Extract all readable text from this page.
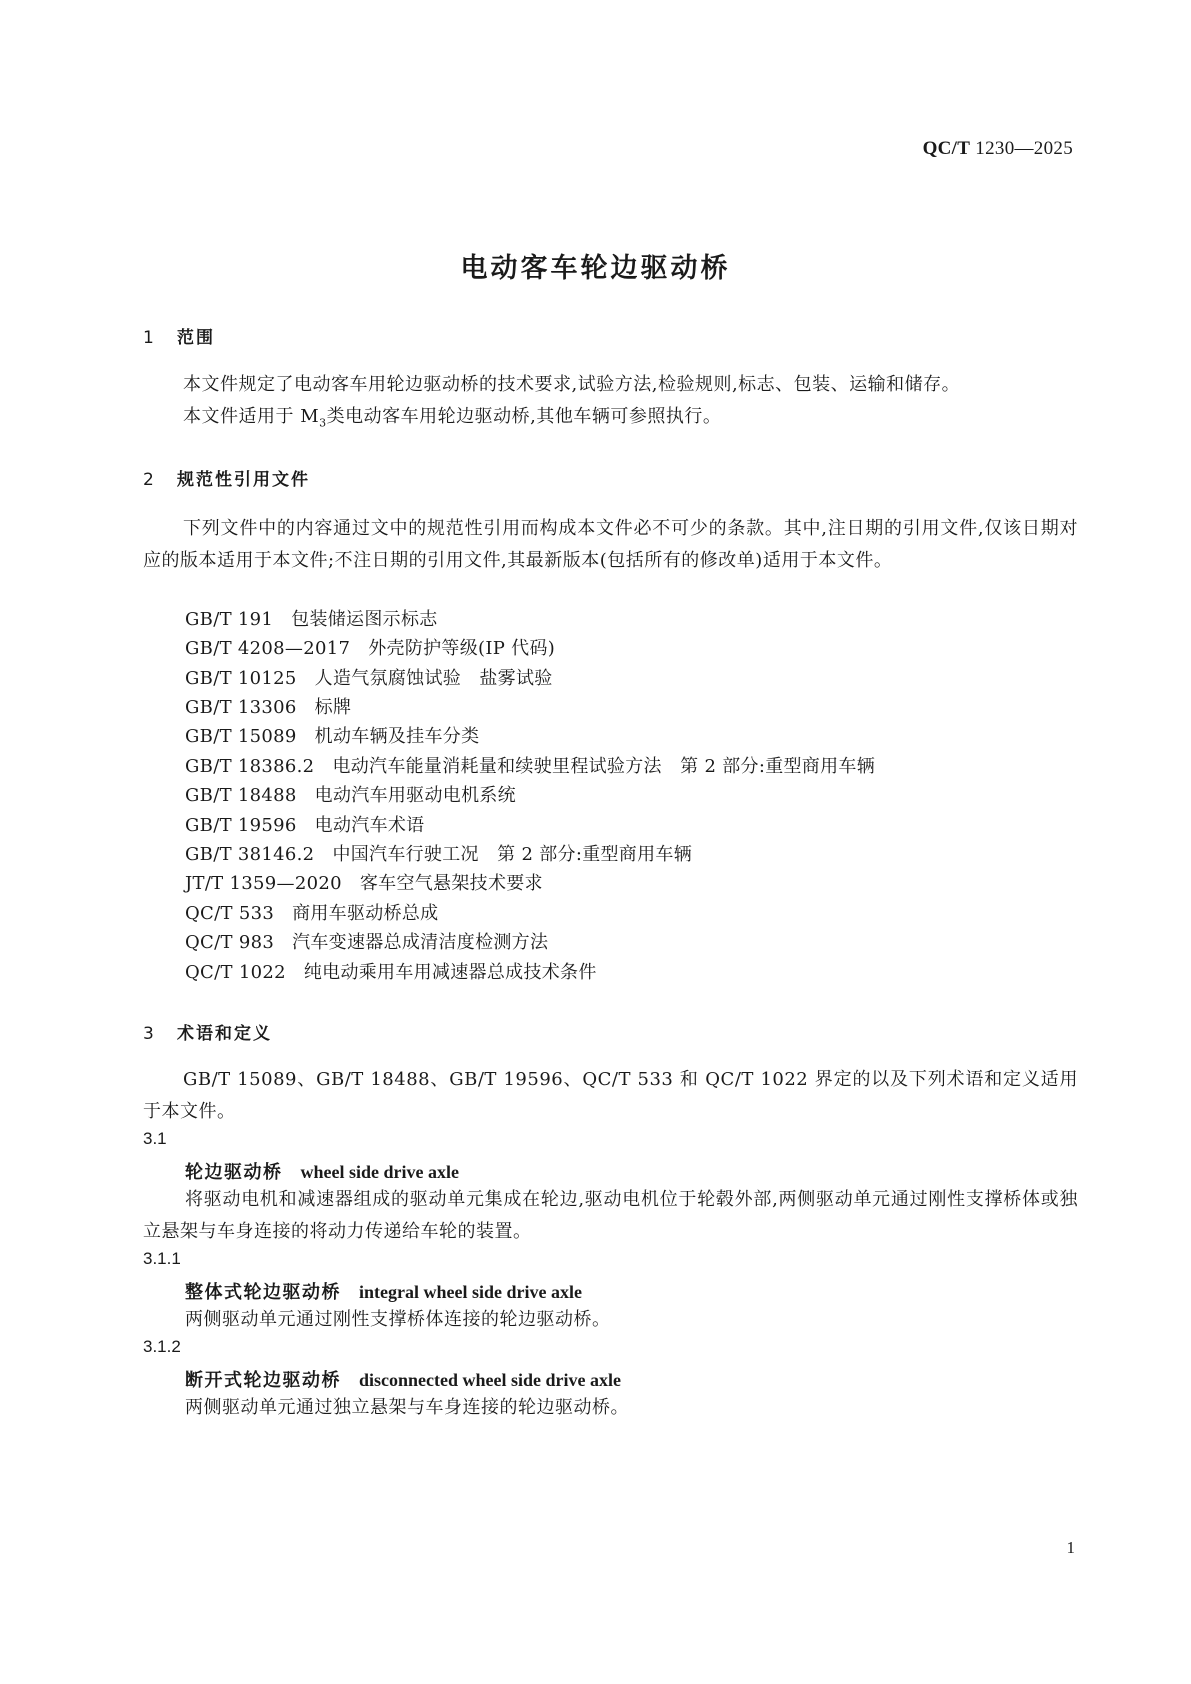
QC/T 1230—2025
电动客车轮边驱动桥
1 范围
本文件规定了电动客车用轮边驱动桥的技术要求,试验方法,检验规则,标志、包装、运输和储存。
本文件适用于 $M_3$类电动客车用轮边驱动桥,其他车辆可参照执行。
2 规范性引用文件
下列文件中的内容通过文中的规范性引用而构成本文件必不可少的条款。其中,注日期的引用文件,仅该日期对应的版本适用于本文件;不注日期的引用文件,其最新版本(包括所有的修改单)适用于本文件。
GB/T 191 包装储运图示标志
GB/T 4208—2017 外壳防护等级(IP 代码)
GB/T 10125 人造气氛腐蚀试验　盐雾试验
GB/T 13306 标牌
GB/T 15089 机动车辆及挂车分类
GB/T 18386.2 电动汽车能量消耗量和续驶里程试验方法　第 2 部分:重型商用车辆
GB/T 18488 电动汽车用驱动电机系统
GB/T 19596 电动汽车术语
GB/T 38146.2 中国汽车行驶工况　第 2 部分:重型商用车辆
JT/T 1359—2020 客车空气悬架技术要求
QC/T 533 商用车驱动桥总成
QC/T 983 汽车变速器总成清洁度检测方法
QC/T 1022 纯电动乘用车用减速器总成技术条件
3 术语和定义
GB/T 15089、GB/T 18488、GB/T 19596、QC/T 533 和 QC/T 1022 界定的以及下列术语和定义适用于本文件。
3.1
轮边驱动桥 wheel side drive axle
将驱动电机和减速器组成的驱动单元集成在轮边,驱动电机位于轮毂外部,两侧驱动单元通过刚性支撑桥体或独立悬架与车身连接的将动力传递给车轮的装置。
3.1.1
整体式轮边驱动桥 integral wheel side drive axle
两侧驱动单元通过刚性支撑桥体连接的轮边驱动桥。
3.1.2
断开式轮边驱动桥 disconnected wheel side drive axle
两侧驱动单元通过独立悬架与车身连接的轮边驱动桥。
1
